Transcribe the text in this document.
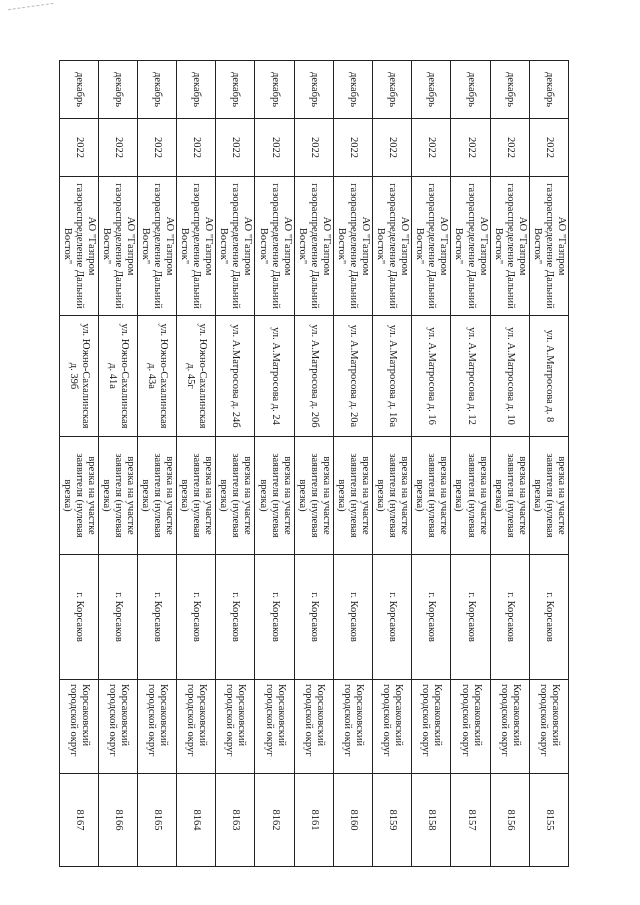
декабрь	2022	АО "Газпром газораспределение Дальний Восток"	ул. А.Матросова д. 8	врезка на участке заявителя (нулевая врезка)	г. Корсаков	Корсаковский городской округ	8155
декабрь	2022	АО "Газпром газораспределение Дальний Восток"	ул. А.Матросова д. 10	врезка на участке заявителя (нулевая врезка)	г. Корсаков	Корсаковский городской округ	8156
декабрь	2022	АО "Газпром газораспределение Дальний Восток"	ул. А.Матросова д. 12	врезка на участке заявителя (нулевая врезка)	г. Корсаков	Корсаковский городской округ	8157
декабрь	2022	АО "Газпром газораспределение Дальний Восток"	ул. А.Матросова д. 16	врезка на участке заявителя (нулевая врезка)	г. Корсаков	Корсаковский городской округ	8158
декабрь	2022	АО "Газпром газораспределение Дальний Восток"	ул. А.Матросова д. 16а	врезка на участке заявителя (нулевая врезка)	г. Корсаков	Корсаковский городской округ	8159
декабрь	2022	АО "Газпром газораспределение Дальний Восток"	ул. А.Матросова д. 20а	врезка на участке заявителя (нулевая врезка)	г. Корсаков	Корсаковский городской округ	8160
декабрь	2022	АО "Газпром газораспределение Дальний Восток"	ул. А.Матросова д. 20б	врезка на участке заявителя (нулевая врезка)	г. Корсаков	Корсаковский городской округ	8161
декабрь	2022	АО "Газпром газораспределение Дальний Восток"	ул. А.Матросова д. 24	врезка на участке заявителя (нулевая врезка)	г. Корсаков	Корсаковский городской округ	8162
декабрь	2022	АО "Газпром газораспределение Дальний Восток"	ул. А.Матросова д. 24б	врезка на участке заявителя (нулевая врезка)	г. Корсаков	Корсаковский городской округ	8163
декабрь	2022	АО "Газпром газораспределение Дальний Восток"	ул. Южно-Сахалинская д. 45г	врезка на участке заявителя (нулевая врезка)	г. Корсаков	Корсаковский городской округ	8164
декабрь	2022	АО "Газпром газораспределение Дальний Восток"	ул. Южно-Сахалинская д. 43а	врезка на участке заявителя (нулевая врезка)	г. Корсаков	Корсаковский городской округ	8165
декабрь	2022	АО "Газпром газораспределение Дальний Восток"	ул. Южно-Сахалинская д. 41а	врезка на участке заявителя (нулевая врезка)	г. Корсаков	Корсаковский городской округ	8166
декабрь	2022	АО "Газпром газораспределение Дальний Восток"	ул. Южно-Сахалинская д. 39б	врезка на участке заявителя (нулевая врезка)	г. Корсаков	Корсаковский городской округ	8167
